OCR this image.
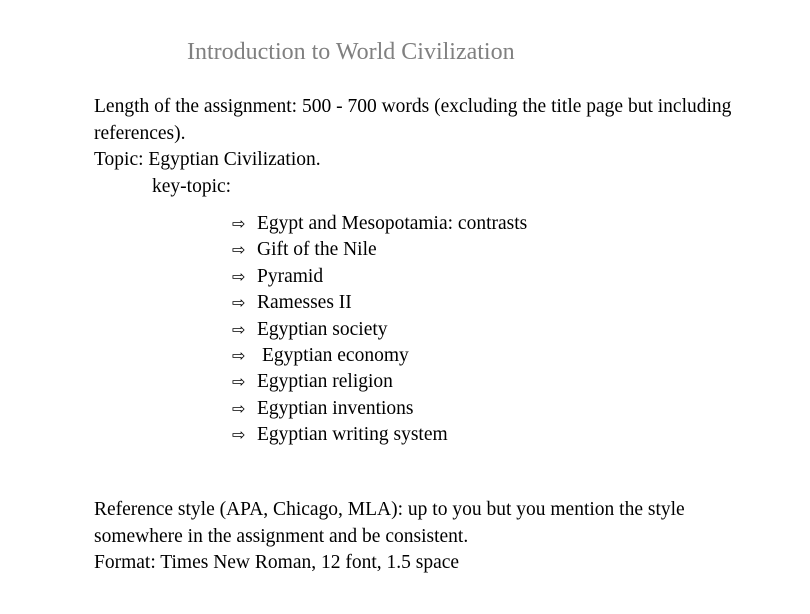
Introduction to World Civilization

Length of the assignment: 500 - 700 words (excluding the title page but including references).

Topic: Egyptian Civilization.

key-topic:

⇨ Egypt and Mesopotamia: contrasts
⇨ Gift of the Nile
⇨ Pyramid
⇨ Ramesses II
⇨ Egyptian society
⇨ Egyptian economy
⇨ Egyptian religion
⇨ Egyptian inventions
⇨ Egyptian writing system

Reference style (APA, Chicago, MLA): up to you but you mention the style somewhere in the assignment and be consistent.

Format: Times New Roman, 12 font, 1.5 space
